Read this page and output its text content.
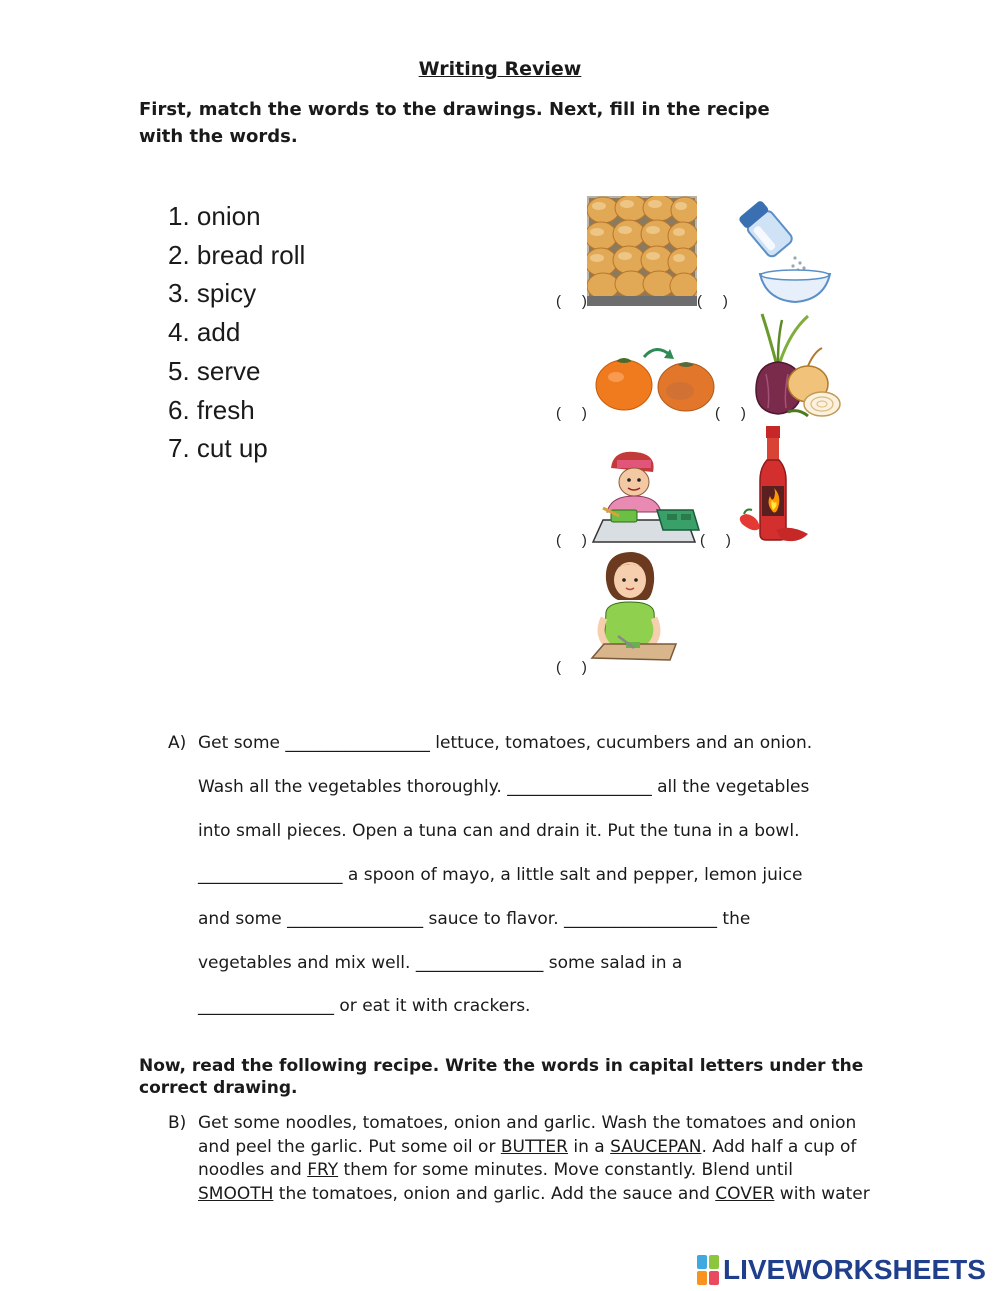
Writing Review
First, match the words to the drawings. Next, fill in the recipe
with the words.
1. onion
2. bread roll
3. spicy
4. add
5. serve
6. fresh
7. cut up
(     )	(     )
(     )	(     )
(     )	(     )
(     )
A) Get some _________________ lettuce, tomatoes, cucumbers and an onion.
Wash all the vegetables thoroughly. _________________ all the vegetables
into small pieces. Open a tuna can and drain it. Put the tuna in a bowl.
_________________ a spoon of mayo, a little salt and pepper, lemon juice
and some ________________ sauce to flavor. __________________ the
vegetables and mix well. _______________ some salad in a
________________ or eat it with crackers.
Now, read the following recipe. Write the words in capital letters under the
correct drawing.
B) Get some noodles, tomatoes, onion and garlic. Wash the tomatoes and onion
and peel the garlic. Put some oil or BUTTER in a SAUCEPAN. Add half a cup of
noodles and FRY them for some minutes. Move constantly. Blend until
SMOOTH the tomatoes, onion and garlic. Add the sauce and COVER with water
LIVEWORKSHEETS
